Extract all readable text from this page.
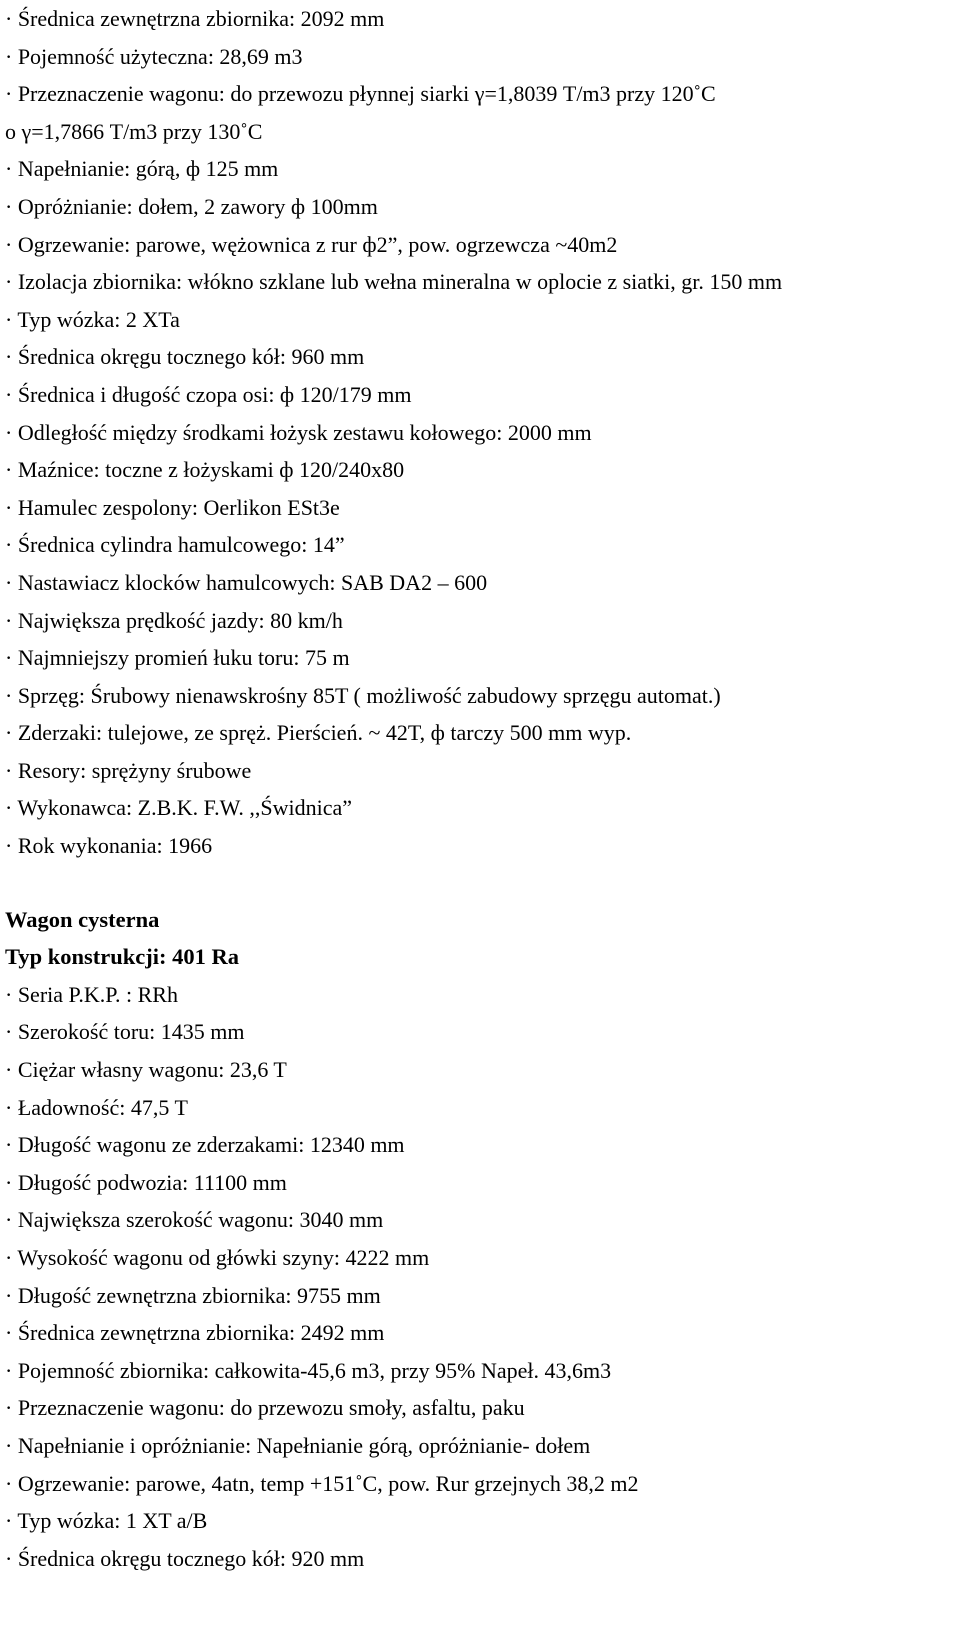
· Średnica zewnętrzna zbiornika: 2092 mm
· Pojemność użyteczna: 28,69 m3
· Przeznaczenie wagonu: do przewozu płynnej siarki γ=1,8039 T/m3 przy 120˚C
o γ=1,7866 T/m3 przy 130˚C
· Napełnianie: górą, ф 125 mm
· Opróżnianie: dołem, 2 zawory ф 100mm
· Ogrzewanie: parowe, wężownica z rur ф2”, pow. ogrzewcza ~40m2
· Izolacja zbiornika: włókno szklane lub wełna mineralna w oplocie z siatki, gr. 150 mm
· Typ wózka: 2 XTa
· Średnica okręgu tocznego kół: 960 mm
· Średnica i długość czopa osi: ф 120/179 mm
· Odległość między środkami łożysk zestawu kołowego: 2000 mm
· Maźnice: toczne z łożyskami ф 120/240x80
· Hamulec zespolony: Oerlikon ESt3e
· Średnica cylindra hamulcowego: 14”
· Nastawiacz klocków hamulcowych: SAB DA2 – 600
· Największa prędkość jazdy: 80 km/h
· Najmniejszy promień łuku toru: 75 m
· Sprzęg: Śrubowy nienawskrośny 85T ( możliwość zabudowy sprzęgu automat.)
· Zderzaki: tulejowe, ze spręż. Pierścień. ~ 42T, ф tarczy 500 mm wyp.
· Resory: sprężyny śrubowe
· Wykonawca: Z.B.K. F.W. ,,Świdnica”
· Rok wykonania: 1966
Wagon cysterna
Typ konstrukcji: 401 Ra
· Seria P.K.P. : RRh
· Szerokość toru: 1435 mm
· Ciężar własny wagonu: 23,6 T
· Ładowność: 47,5 T
· Długość wagonu ze zderzakami: 12340 mm
· Długość podwozia: 11100 mm
· Największa szerokość wagonu: 3040 mm
· Wysokość wagonu od główki szyny: 4222 mm
· Długość zewnętrzna zbiornika: 9755 mm
· Średnica zewnętrzna zbiornika: 2492 mm
· Pojemność zbiornika: całkowita-45,6 m3, przy 95% Napeł. 43,6m3
· Przeznaczenie wagonu: do przewozu smoły, asfaltu, paku
· Napełnianie i opróżnianie: Napełnianie górą, opróżnianie- dołem
· Ogrzewanie: parowe, 4atn, temp +151˚C, pow. Rur grzejnych 38,2 m2
· Typ wózka: 1 XT a/B
· Średnica okręgu tocznego kół: 920 mm
